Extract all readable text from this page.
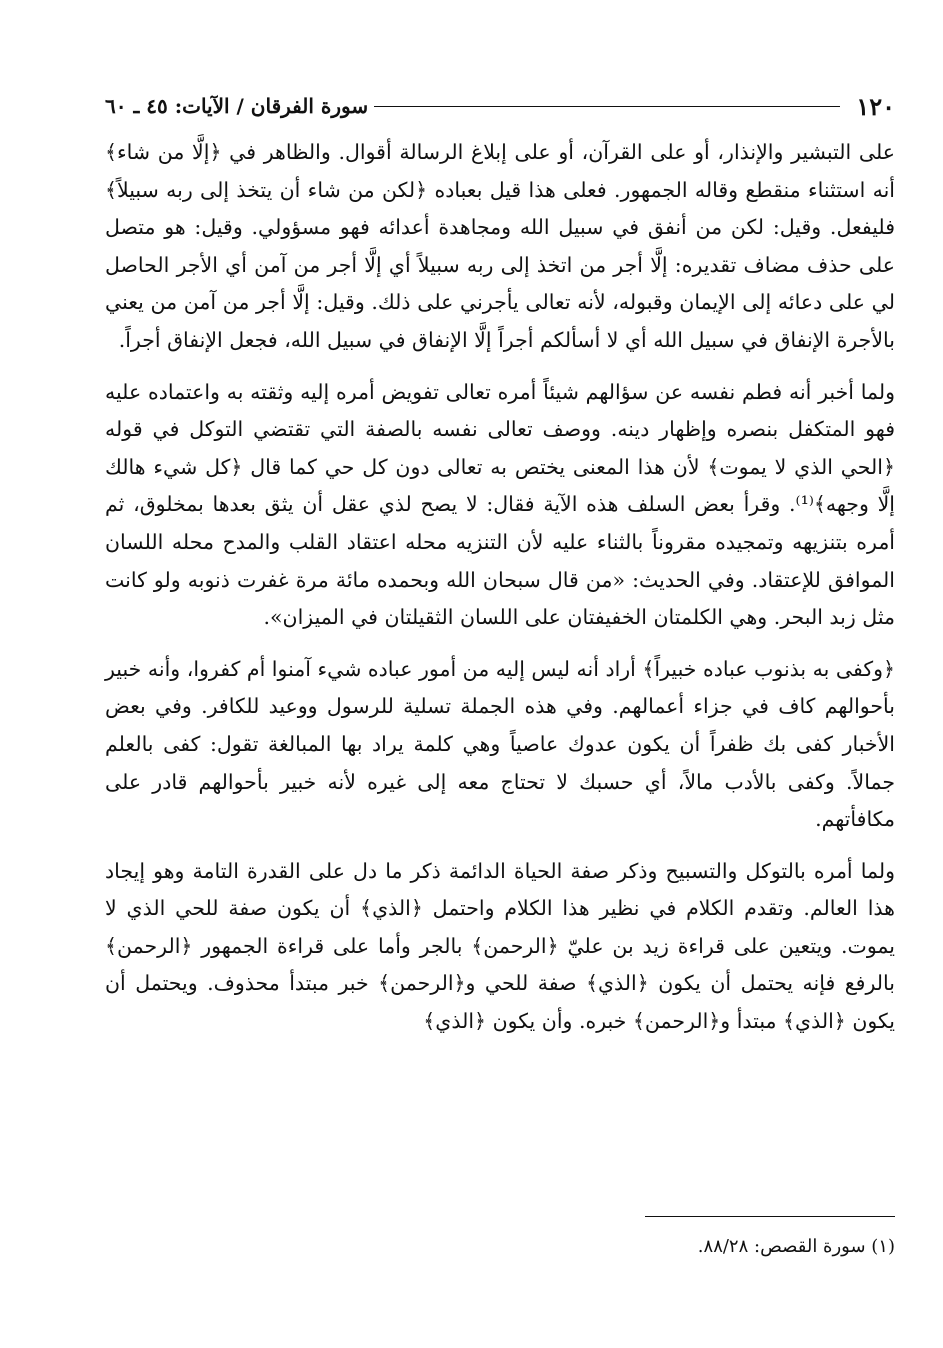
١٢٠
سورة الفرقان / الآيات: ٤٥ ـ ٦٠

على التبشير والإنذار، أو على القرآن، أو على إبلاغ الرسالة أقوال. والظاهر في ﴿إلَّا من شاء﴾ أنه استثناء منقطع وقاله الجمهور. فعلى هذا قيل بعباده ﴿لكن من شاء أن يتخذ إلى ربه سبيلاً﴾ فليفعل. وقيل: لكن من أنفق في سبيل الله ومجاهدة أعدائه فهو مسؤولي. وقيل: هو متصل على حذف مضاف تقديره: إلَّا أجر من اتخذ إلى ربه سبيلاً أي إلَّا أجر من آمن أي الأجر الحاصل لي على دعائه إلى الإيمان وقبوله، لأنه تعالى يأجرني على ذلك. وقيل: إلَّا أجر من آمن من يعني بالأجرة الإنفاق في سبيل الله أي لا أسألكم أجراً إلَّا الإنفاق في سبيل الله، فجعل الإنفاق أجراً.

ولما أخبر أنه فطم نفسه عن سؤالهم شيئاً أمره تعالى تفويض أمره إليه وثقته به واعتماده عليه فهو المتكفل بنصره وإظهار دينه. ووصف تعالى نفسه بالصفة التي تقتضي التوكل في قوله ﴿الحي الذي لا يموت﴾ لأن هذا المعنى يختص به تعالى دون كل حي كما قال ﴿كل شيء هالك إلَّا وجهه﴾⁽¹⁾. وقرأ بعض السلف هذه الآية فقال: لا يصح لذي عقل أن يثق بعدها بمخلوق، ثم أمره بتنزيهه وتمجيده مقروناً بالثناء عليه لأن التنزيه محله اعتقاد القلب والمدح محله اللسان الموافق للإعتقاد. وفي الحديث: «من قال سبحان الله وبحمده مائة مرة غفرت ذنوبه ولو كانت مثل زبد البحر. وهي الكلمتان الخفيفتان على اللسان الثقيلتان في الميزان».

﴿وكفى به بذنوب عباده خبيراً﴾ أراد أنه ليس إليه من أمور عباده شيء آمنوا أم كفروا، وأنه خبير بأحوالهم كاف في جزاء أعمالهم. وفي هذه الجملة تسلية للرسول ووعيد للكافر. وفي بعض الأخبار كفى بك ظفراً أن يكون عدوك عاصياً وهي كلمة يراد بها المبالغة تقول: كفى بالعلم جمالاً. وكفى بالأدب مالاً، أي حسبك لا تحتاج معه إلى غيره لأنه خبير بأحوالهم قادر على مكافأتهم.

ولما أمره بالتوكل والتسبيح وذكر صفة الحياة الدائمة ذكر ما دل على القدرة التامة وهو إيجاد هذا العالم. وتقدم الكلام في نظير هذا الكلام واحتمل ﴿الذي﴾ أن يكون صفة للحي الذي لا يموت. ويتعين على قراءة زيد بن عليّ ﴿الرحمن﴾ بالجر وأما على قراءة الجمهور ﴿الرحمن﴾ بالرفع فإنه يحتمل أن يكون ﴿الذي﴾ صفة للحي و﴿الرحمن﴾ خبر مبتدأ محذوف. ويحتمل أن يكون ﴿الذي﴾ مبتدأ و﴿الرحمن﴾ خبره. وأن يكون ﴿الذي﴾

(١) سورة القصص: ٨٨/٢٨.
